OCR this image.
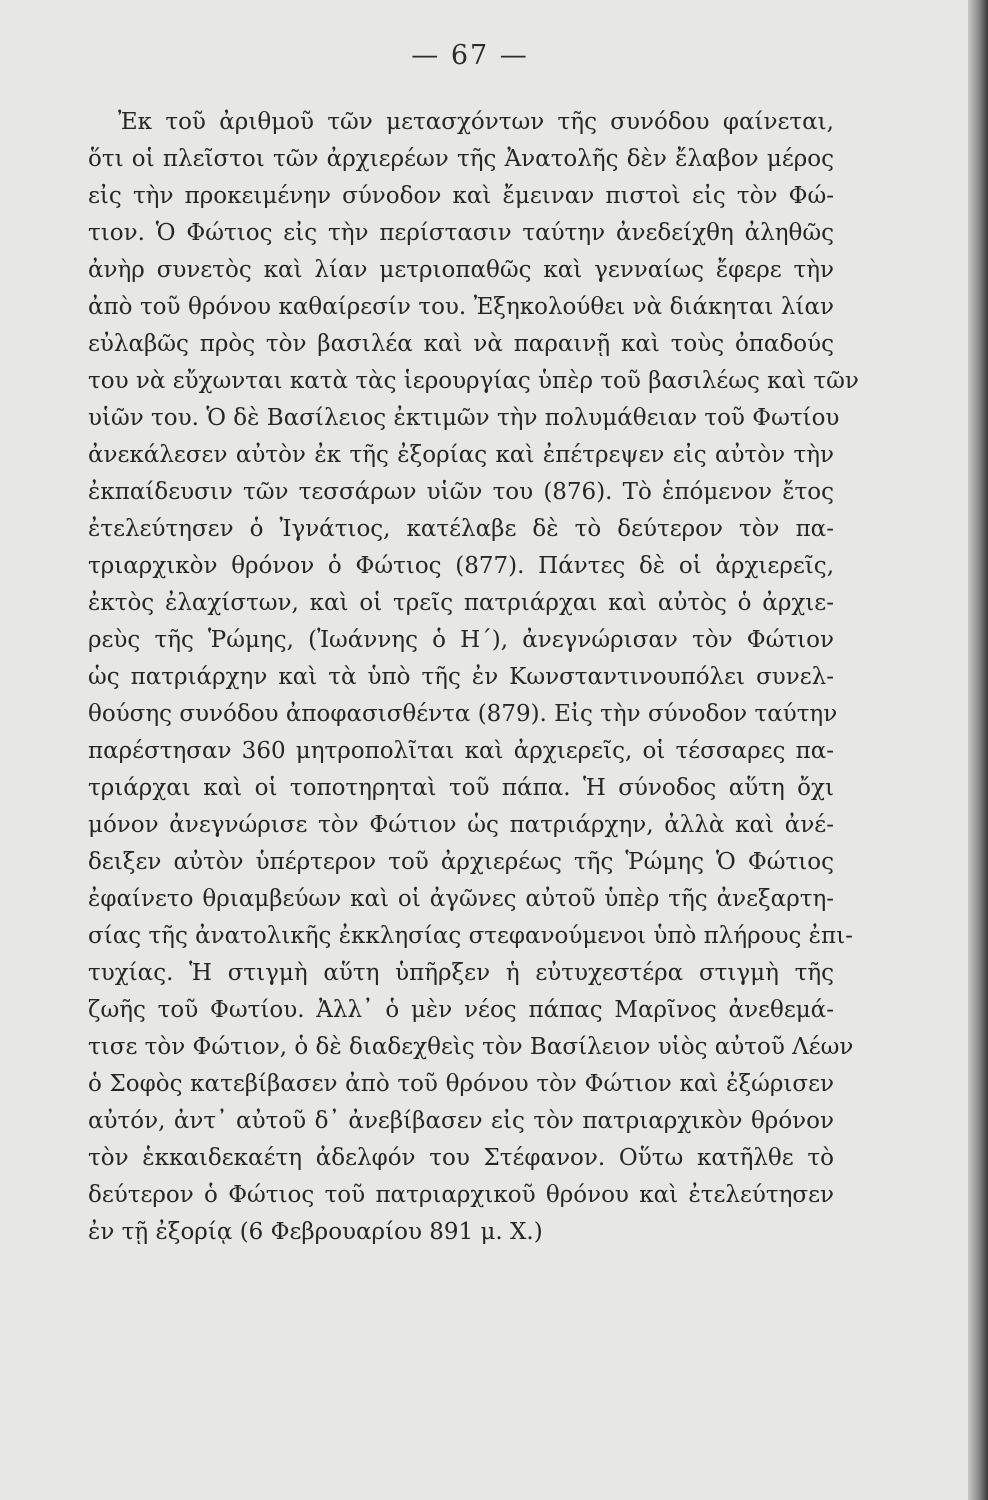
— 67 —
Ἐκ τοῦ ἀριθμοῦ τῶν μετασχόντων τῆς συνόδου φαίνεται,
ὅτι οἱ πλεῖστοι τῶν ἀρχιερέων τῆς Ἀνατολῆς δὲν ἔλαβον μέρος
εἰς τὴν προκειμένην σύνοδον καὶ ἔμειναν πιστοὶ εἰς τὸν Φώ-
τιον. Ὁ Φώτιος εἰς τὴν περίστασιν ταύτην ἀνεδείχθη ἀληθῶς
ἀνὴρ συνετὸς καὶ λίαν μετριοπαθῶς καὶ γενναίως ἔφερε τὴν
ἀπὸ τοῦ θρόνου καθαίρεσίν του. Ἐξηκολούθει νὰ διάκηται λίαν
εὐλαβῶς πρὸς τὸν βασιλέα καὶ νὰ παραινῇ καὶ τοὺς ὀπαδούς
του νὰ εὔχωνται κατὰ τὰς ἱερουργίας ὑπὲρ τοῦ βασιλέως καὶ τῶν
υἱῶν του. Ὁ δὲ Βασίλειος ἐκτιμῶν τὴν πολυμάθειαν τοῦ Φωτίου
ἀνεκάλεσεν αὐτὸν ἐκ τῆς ἐξορίας καὶ ἐπέτρεψεν εἰς αὐτὸν τὴν
ἐκπαίδευσιν τῶν τεσσάρων υἱῶν του (876). Τὸ ἑπόμενον ἔτος
ἐτελεύτησεν ὁ Ἰγνάτιος, κατέλαβε δὲ τὸ δεύτερον τὸν πα-
τριαρχικὸν θρόνον ὁ Φώτιος (877). Πάντες δὲ οἱ ἀρχιερεῖς,
ἐκτὸς ἐλαχίστων, καὶ οἱ τρεῖς πατριάρχαι καὶ αὐτὸς ὁ ἀρχιε-
ρεὺς τῆς Ῥώμης, (Ἰωάννης ὁ Η΄), ἀνεγνώρισαν τὸν Φώτιον
ὡς πατριάρχην καὶ τὰ ὑπὸ τῆς ἐν Κωνσταντινουπόλει συνελ-
θούσης συνόδου ἀποφασισθέντα (879). Εἰς τὴν σύνοδον ταύτην
παρέστησαν 360 μητροπολῖται καὶ ἀρχιερεῖς, οἱ τέσσαρες πα-
τριάρχαι καὶ οἱ τοποτηρηταὶ τοῦ πάπα. Ἡ σύνοδος αὕτη ὄχι
μόνον ἀνεγνώρισε τὸν Φώτιον ὡς πατριάρχην, ἀλλὰ καὶ ἀνέ-
δειξεν αὐτὸν ὑπέρτερον τοῦ ἀρχιερέως τῆς Ῥώμης Ὁ Φώτιος
ἐφαίνετο θριαμβεύων καὶ οἱ ἀγῶνες αὐτοῦ ὑπὲρ τῆς ἀνεξαρτη-
σίας τῆς ἀνατολικῆς ἐκκλησίας στεφανούμενοι ὑπὸ πλήρους ἐπι-
τυχίας. Ἡ στιγμὴ αὕτη ὑπῆρξεν ἡ εὐτυχεστέρα στιγμὴ τῆς
ζωῆς τοῦ Φωτίου. Ἀλλ᾽ ὁ μὲν νέος πάπας Μαρῖνος ἀνεθεμά-
τισε τὸν Φώτιον, ὁ δὲ διαδεχθεὶς τὸν Βασίλειον υἱὸς αὐτοῦ Λέων
ὁ Σοφὸς κατεβίβασεν ἀπὸ τοῦ θρόνου τὸν Φώτιον καὶ ἐξώρισεν
αὐτόν, ἀντ᾽ αὐτοῦ δ᾽ ἀνεβίβασεν εἰς τὸν πατριαρχικὸν θρόνον
τὸν ἑκκαιδεκαέτη ἀδελφόν του Στέφανον. Οὕτω κατῆλθε τὸ
δεύτερον ὁ Φώτιος τοῦ πατριαρχικοῦ θρόνου καὶ ἐτελεύτησεν
ἐν τῇ ἐξορίᾳ (6 Φεβρουαρίου 891 μ. Χ.)
